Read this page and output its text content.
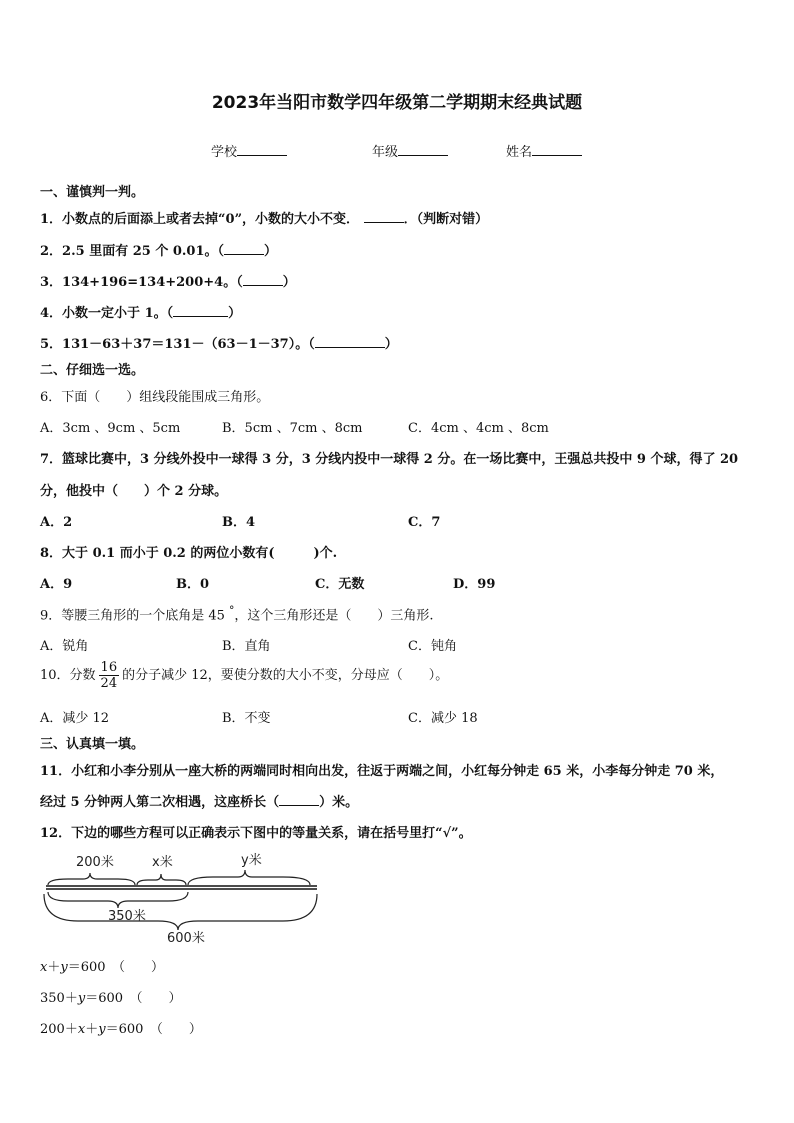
2023年当阳市数学四年级第二学期期末经典试题
学校	年级	姓名
一、谨慎判一判。
1．小数点的后面添上或者去掉“0”，小数的大小不变．	．（判断对错）
2．2.5 里面有 25 个 0.01。（	）
3．134+196=134+200+4。（	）
4．小数一定小于 1。（	）
5．131－63＋37＝131－（63－1－37）。（	）
二、仔细选一选。
6．下面（　　）组线段能围成三角形。
A．3cm 、9cm 、5cm	B．5cm 、7cm 、8cm	C．4cm 、4cm 、8cm
7．篮球比赛中，3 分线外投中一球得 3 分，3 分线内投中一球得 2 分。在一场比赛中，王强总共投中 9 个球，得了 20
分，他投中（　　）个 2 分球。
A．2	B．4	C．7
8．大于 0.1 而小于 0.2 的两位小数有(　　　)个.
A．9	B．0	C．无数	D．99
9．等腰三角形的一个底角是 45 °，这个三角形还是（　　）三角形.
A．锐角	B．直角	C．钝角
10．分数 $\frac{16}{24}$ 的分子减少 12，要使分数的大小不变，分母应（　　）。
A．减少 12	B．不变	C．减少 18
三、认真填一填。
11．小红和小李分别从一座大桥的两端同时相向出发，往返于两端之间，小红每分钟走 65 米，小李每分钟走 70 米，
经过 5 分钟两人第二次相遇，这座桥长（	）米。
12．下边的哪些方程可以正确表示下图中的等量关系，请在括号里打“√”。
200米	x米	y米
350米
600米
x＋y＝600　（　　）
350＋y＝600　（　　）
200＋x＋y＝600　（　　）
